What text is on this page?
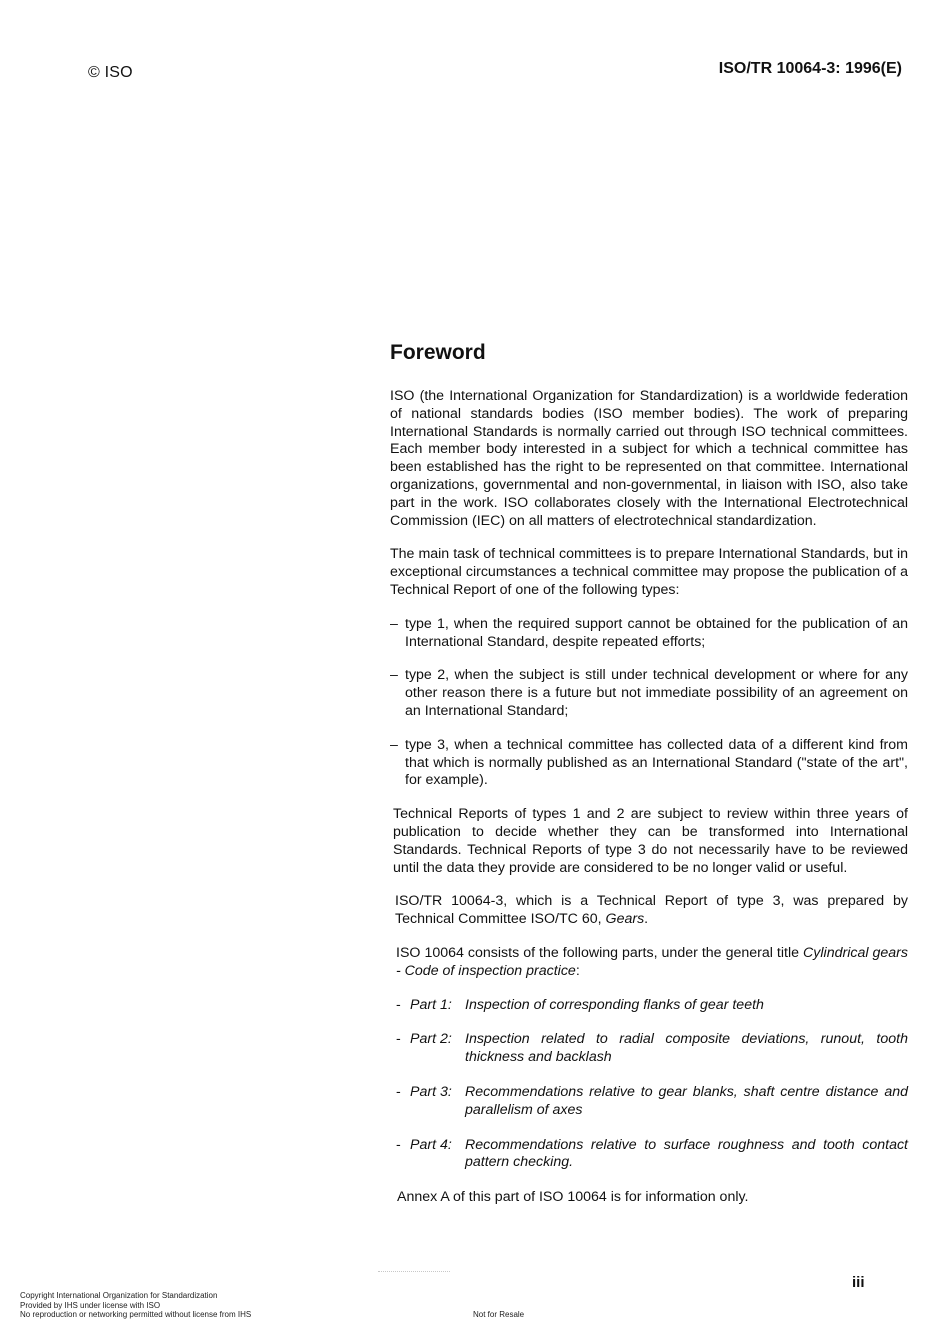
© ISO	ISO/TR 10064-3: 1996(E)
Foreword

ISO (the International Organization for Standardization) is a worldwide federation of national standards bodies (ISO member bodies). The work of preparing International Standards is normally carried out through ISO technical committees. Each member body interested in a subject for which a technical committee has been established has the right to be represented on that committee. International organizations, governmental and non-governmental, in liaison with ISO, also take part in the work. ISO collaborates closely with the International Electrotechnical Commission (IEC) on all matters of electrotechnical standardization.

The main task of technical committees is to prepare International Standards, but in exceptional circumstances a technical committee may propose the publication of a Technical Report of one of the following types:

– type 1, when the required support cannot be obtained for the publication of an International Standard, despite repeated efforts;
– type 2, when the subject is still under technical development or where for any other reason there is a future but not immediate possibility of an agreement on an International Standard;
– type 3, when a technical committee has collected data of a different kind from that which is normally published as an International Standard ("state of the art", for example).

Technical Reports of types 1 and 2 are subject to review within three years of publication to decide whether they can be transformed into International Standards. Technical Reports of type 3 do not necessarily have to be reviewed until the data they provide are considered to be no longer valid or useful.

ISO/TR 10064-3, which is a Technical Report of type 3, was prepared by Technical Committee ISO/TC 60, Gears.

ISO 10064 consists of the following parts, under the general title Cylindrical gears - Code of inspection practice:

- Part 1: Inspection of corresponding flanks of gear teeth
- Part 2: Inspection related to radial composite deviations, runout, tooth thickness and backlash
- Part 3: Recommendations relative to gear blanks, shaft centre distance and parallelism of axes
- Part 4: Recommendations relative to surface roughness and tooth contact pattern checking.

Annex A of this part of ISO 10064 is for information only.

iii
Copyright International Organization for Standardization
Provided by IHS under license with ISO
No reproduction or networking permitted without license from IHS	Not for Resale
